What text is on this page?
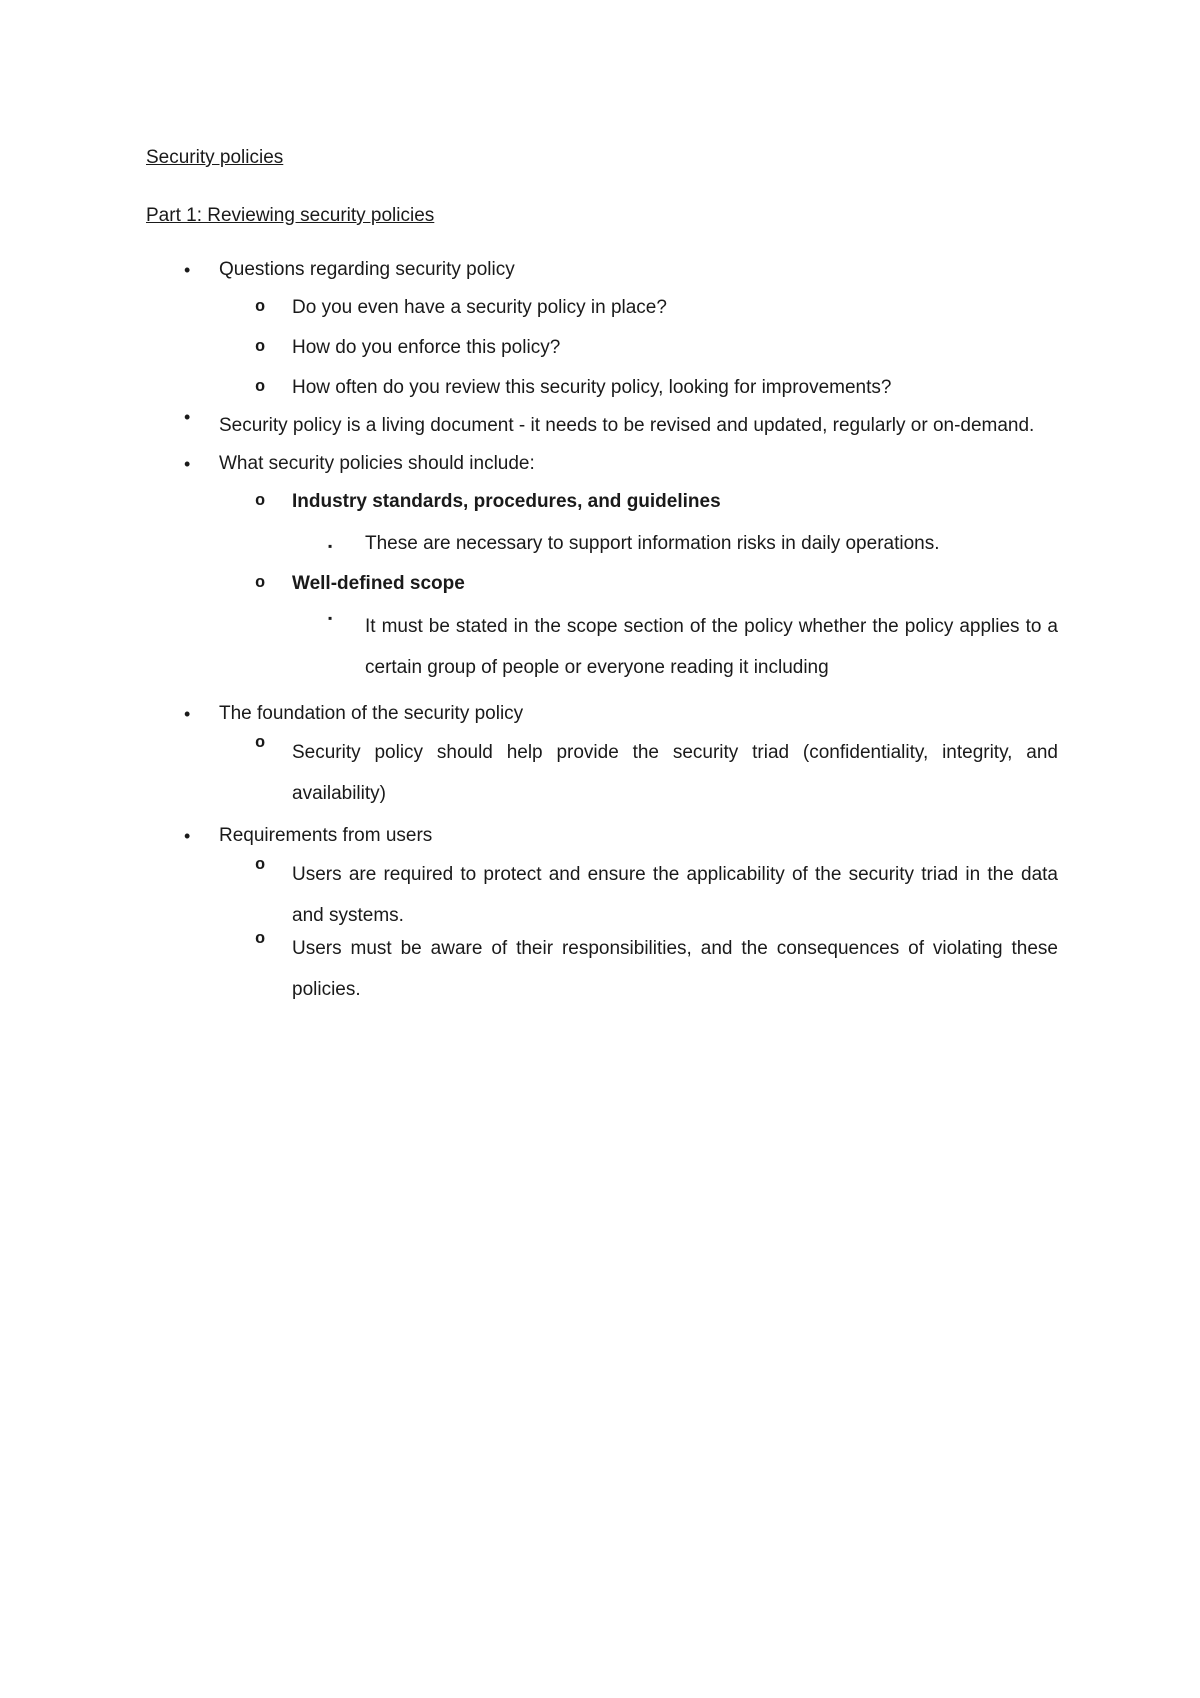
Security policies

Part 1: Reviewing security policies

•	Questions regarding security policy
o	Do you even have a security policy in place?
o	How do you enforce this policy?
o	How often do you review this security policy, looking for improvements?
•	Security policy is a living document - it needs to be revised and updated, regularly or on-demand.
•	What security policies should include:
o	Industry standards, procedures, and guidelines
▪	These are necessary to support information risks in daily operations.
o	Well-defined scope
▪	It must be stated in the scope section of the policy whether the policy applies to a certain group of people or everyone reading it including
•	The foundation of the security policy
o	Security policy should help provide the security triad (confidentiality, integrity, and availability)
•	Requirements from users
o	Users are required to protect and ensure the applicability of the security triad in the data and systems.
o	Users must be aware of their responsibilities, and the consequences of violating these policies.
